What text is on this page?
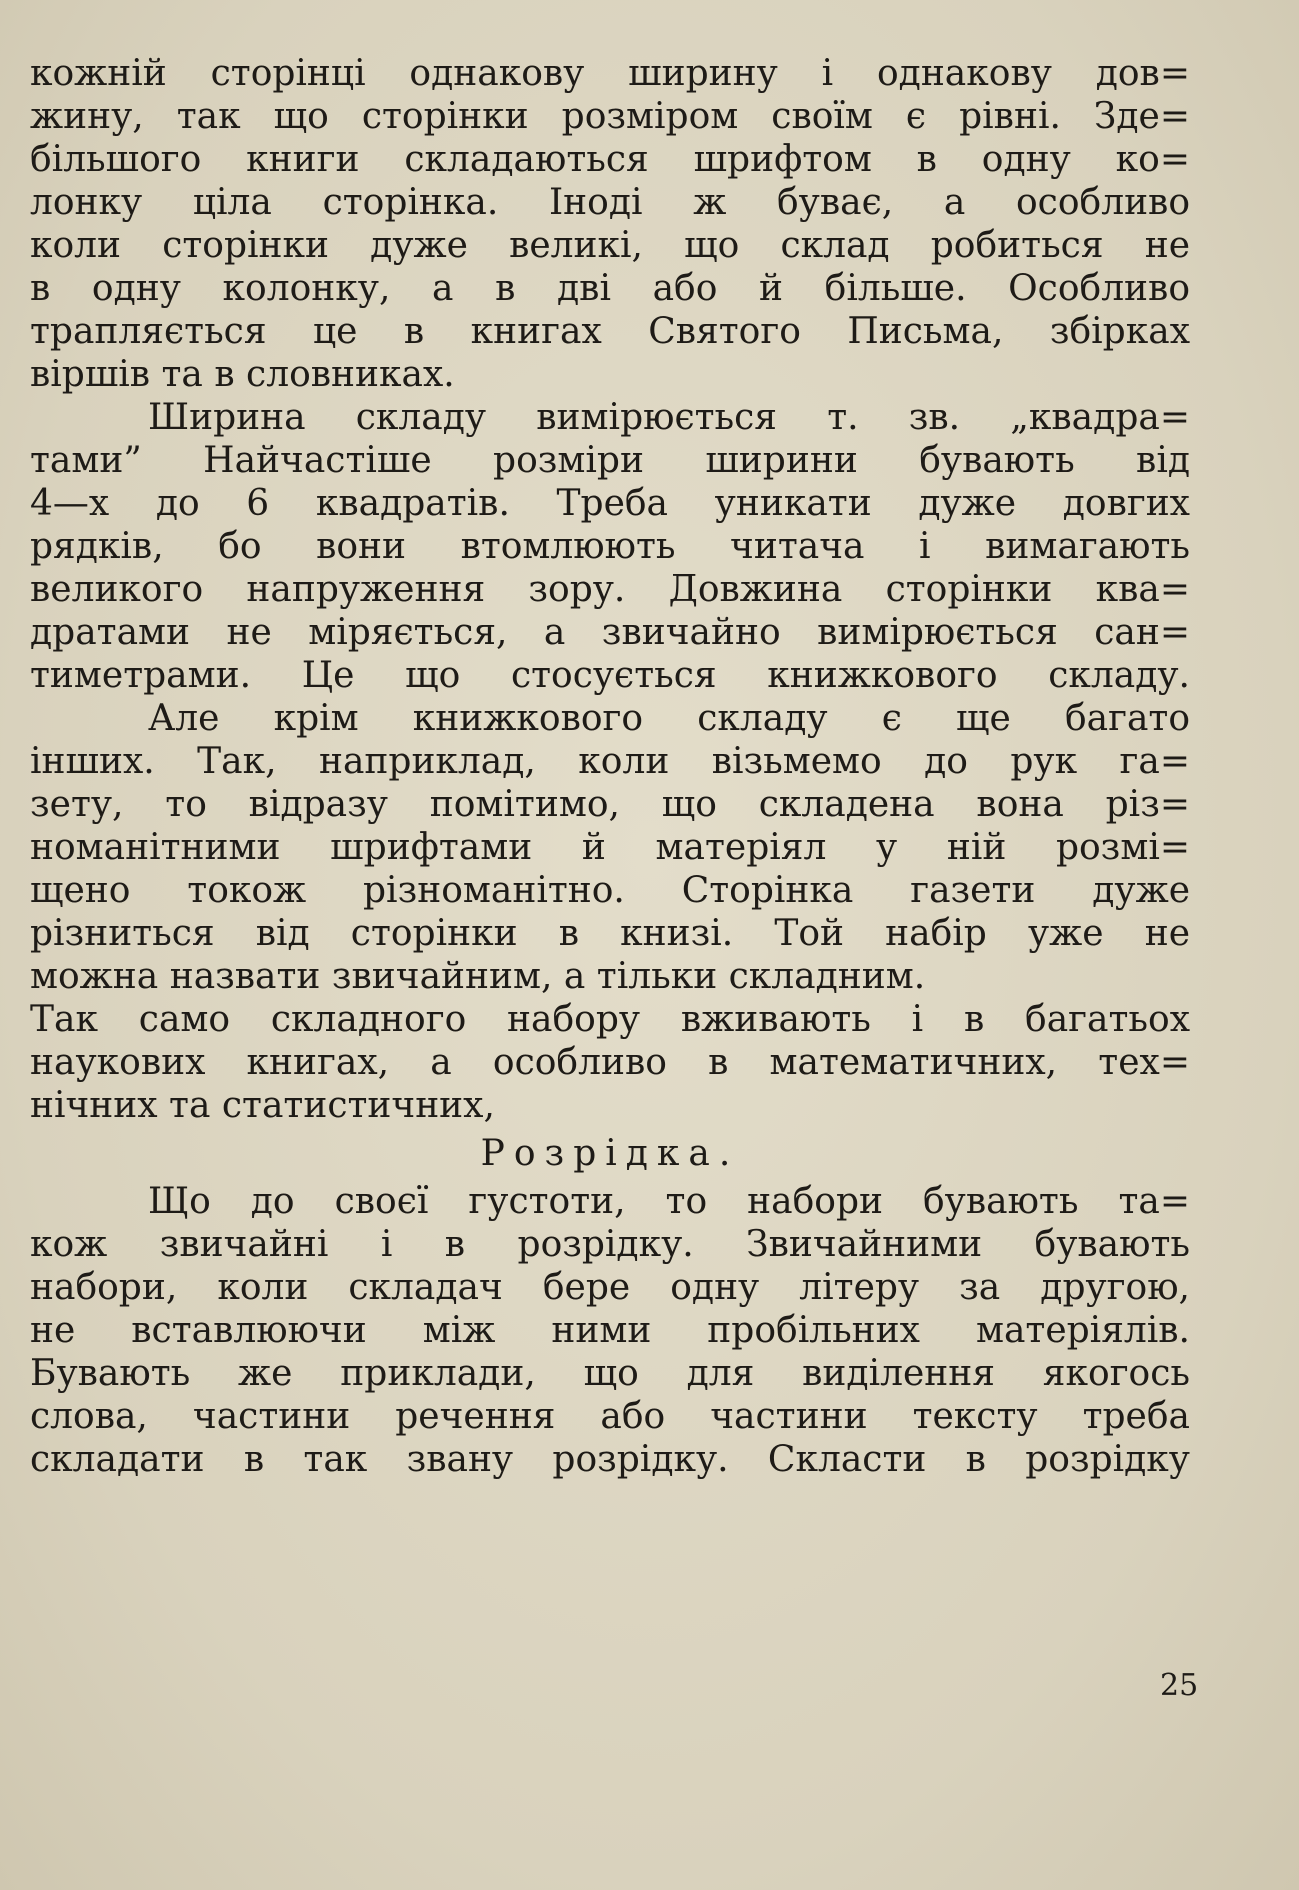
кожній сторінці однакову ширину і однакову дов=
жину, так що сторінки розміром своїм є рівні. Зде=
більшого книги складаються шрифтом в одну ко=
лонку ціла сторінка. Іноді ж буває, а особливо
коли сторінки дуже великі, що склад робиться не
в одну колонку, а в дві або й більше. Особливо
трапляється це в книгах Святого Письма, збірках
віршів та в словниках.
Ширина складу вимірюється т. зв. „квадра=
тами” Найчастіше розміри ширини бувають від
4—х до 6 квадратів. Треба уникати дуже довгих
рядків, бо вони втомлюють читача і вимагають
великого напруження зору. Довжина сторінки ква=
дратами не міряється, а звичайно вимірюється сан=
тиметрами. Це що стосується книжкового складу.
Але крім книжкового складу є ще багато
інших. Так, наприклад, коли візьмемо до рук га=
зету, то відразу помітимо, що складена вона різ=
номанітними шрифтами й матеріял у ній розмі=
щено токож різноманітно. Сторінка газети дуже
різниться від сторінки в книзі. Той набір уже не
можна назвати звичайним, а тільки складним.
Так само складного набору вживають і в багатьох
наукових книгах, а особливо в математичних, тех=
нічних та статистичних,
Розрідка.
Що до своєї густоти, то набори бувають та=
кож звичайні і в розрідку. Звичайними бувають
набори, коли складач бере одну літеру за другою,
не вставлюючи між ними пробільних матеріялів.
Бувають же приклади, що для виділення якогось
слова, частини речення або частини тексту треба
складати в так звану розрідку. Скласти в розрідку
25
